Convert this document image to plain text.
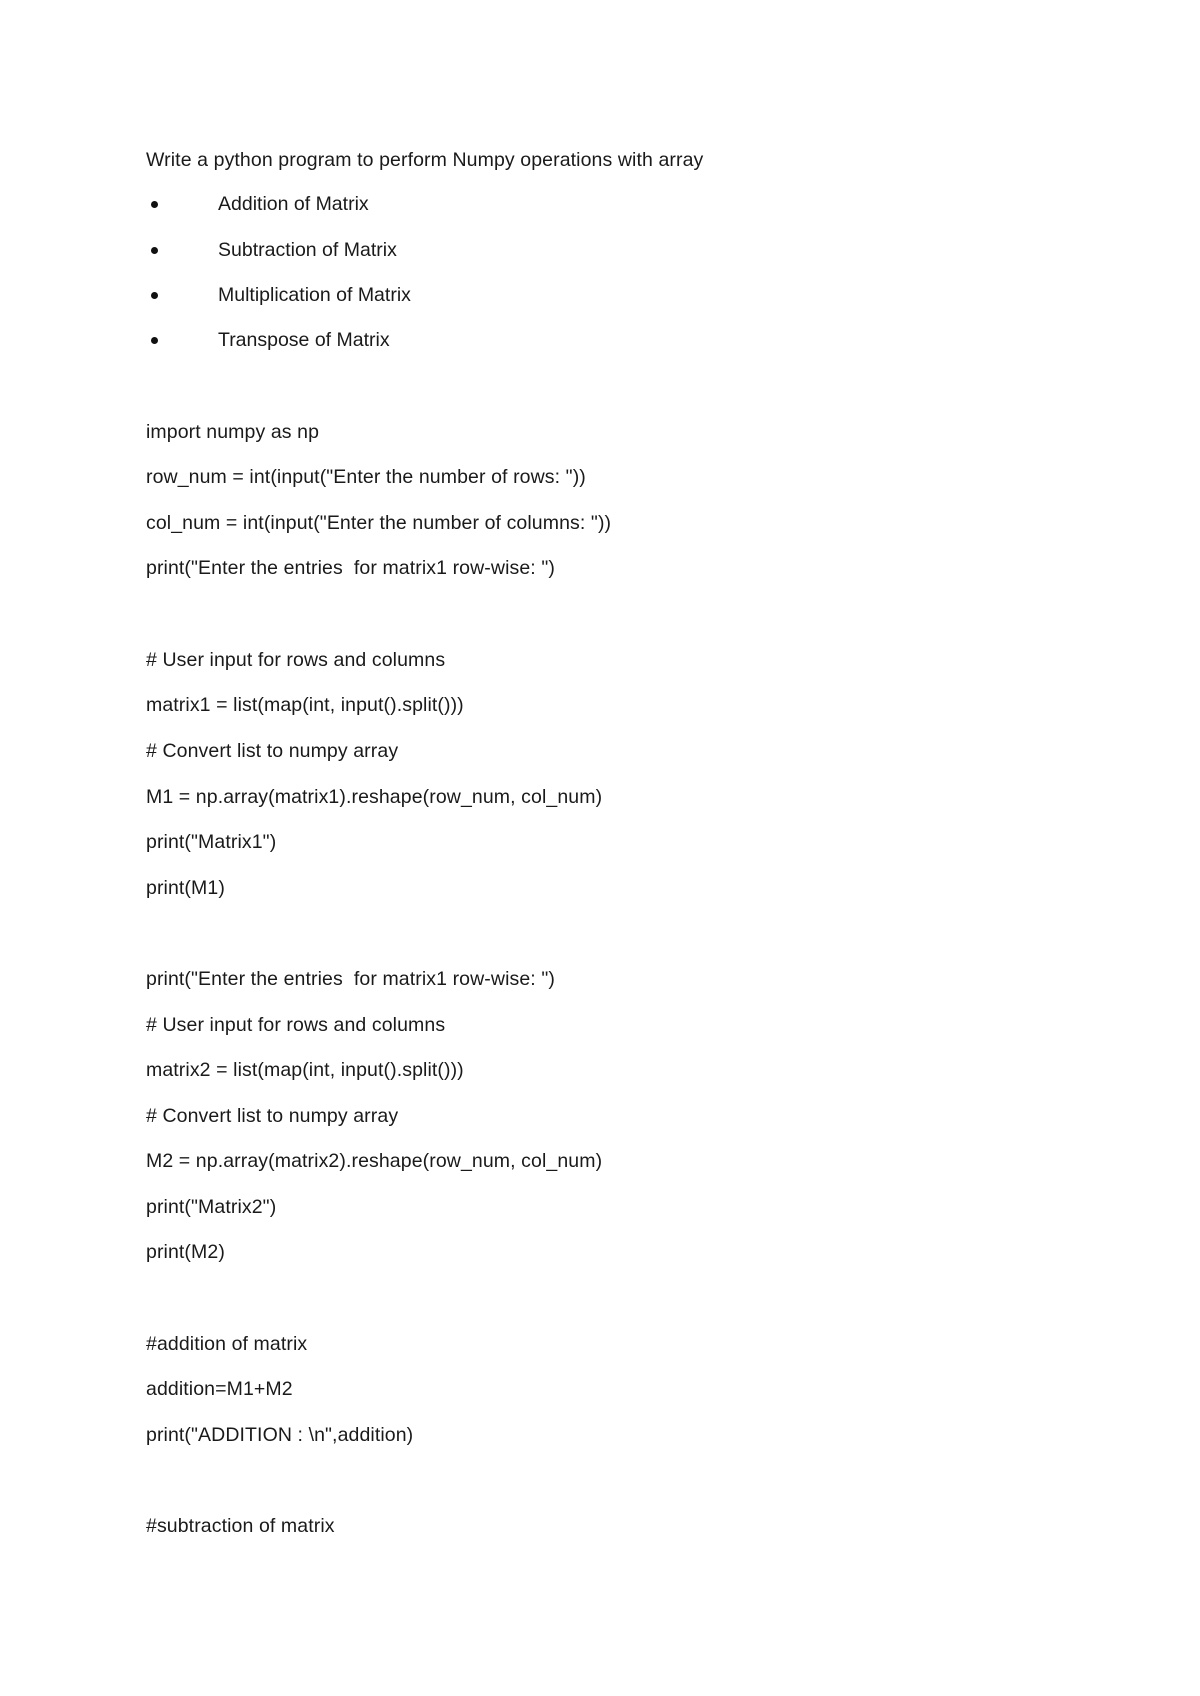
Write a python program to perform Numpy operations with array

Addition of Matrix

Subtraction of Matrix

Multiplication of Matrix

Transpose of Matrix

import numpy as np
row_num = int(input("Enter the number of rows: "))
col_num = int(input("Enter the number of columns: "))
print("Enter the entries  for matrix1 row-wise: ")
# User input for rows and columns
matrix1 = list(map(int, input().split()))
# Convert list to numpy array
M1 = np.array(matrix1).reshape(row_num, col_num)
print("Matrix1")
print(M1)
print("Enter the entries  for matrix1 row-wise: ")
# User input for rows and columns
matrix2 = list(map(int, input().split()))
# Convert list to numpy array
M2 = np.array(matrix2).reshape(row_num, col_num)
print("Matrix2")
print(M2)
#addition of matrix
addition=M1+M2
print("ADDITION : \n",addition)
#subtraction of matrix
